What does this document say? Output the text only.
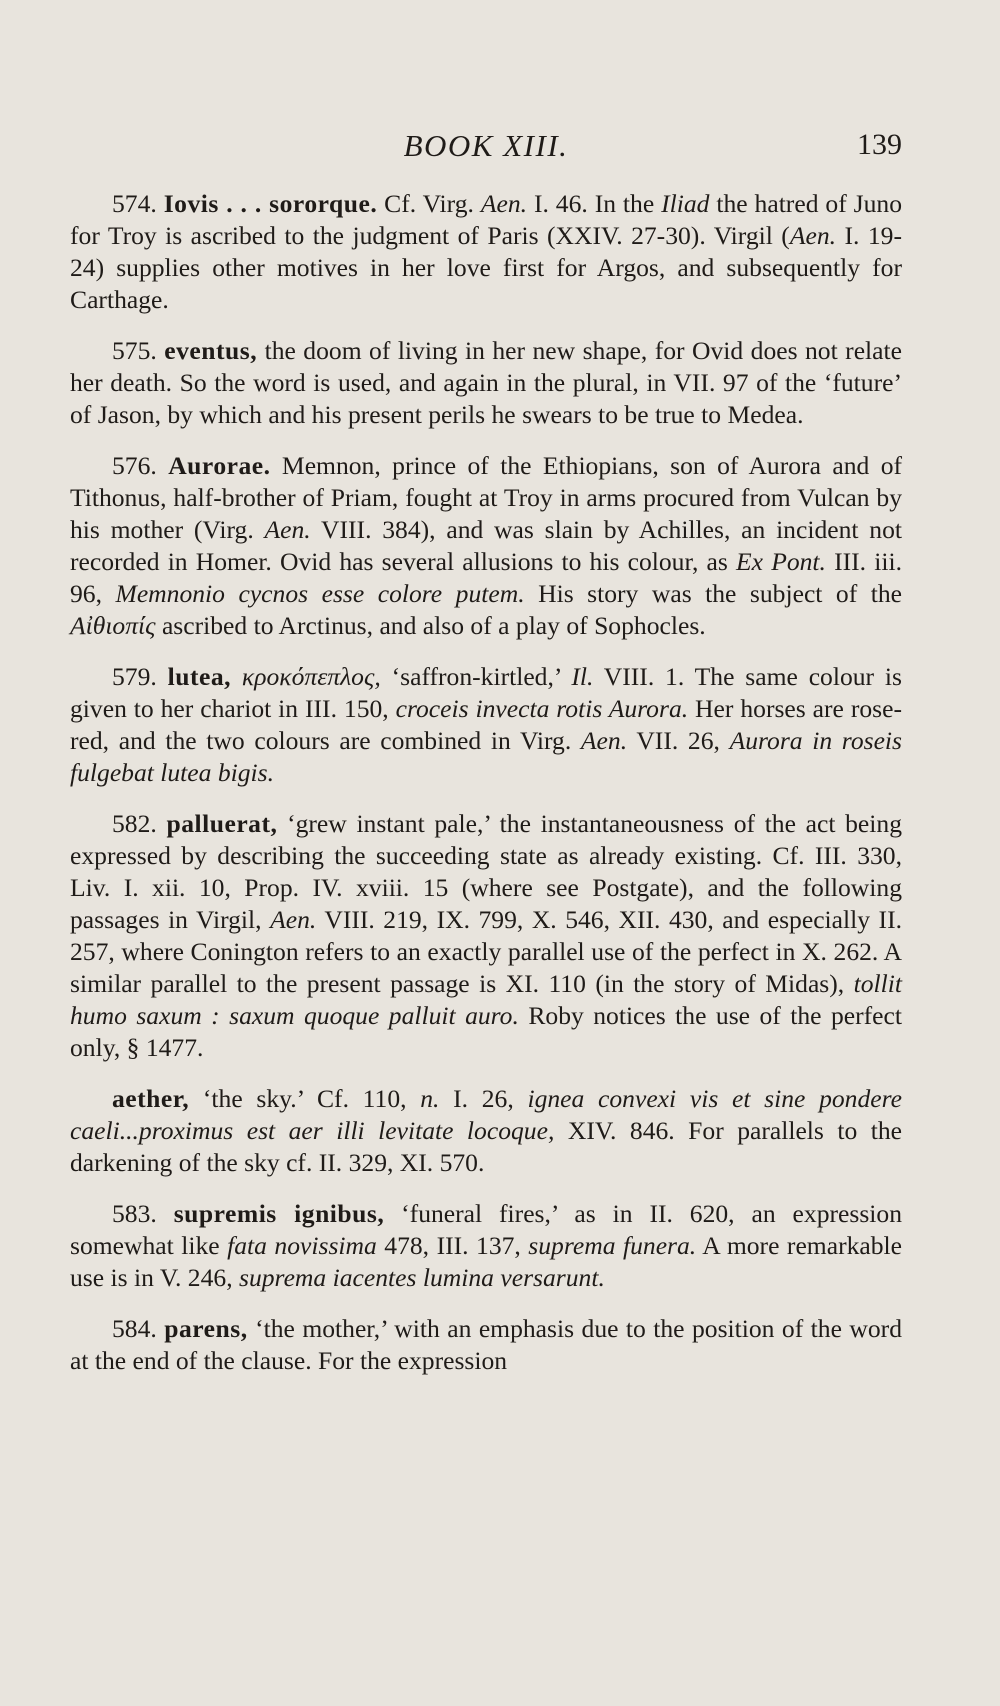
BOOK XIII.	139

574. Iovis . . . sororque. Cf. Virg. Aen. I. 46. In the Iliad the hatred of Juno for Troy is ascribed to the judgment of Paris (XXIV. 27-30). Virgil (Aen. I. 19-24) supplies other motives in her love first for Argos, and subsequently for Carthage.

575. eventus, the doom of living in her new shape, for Ovid does not relate her death. So the word is used, and again in the plural, in VII. 97 of the ‘future’ of Jason, by which and his present perils he swears to be true to Medea.

576. Aurorae. Memnon, prince of the Ethiopians, son of Aurora and of Tithonus, half-brother of Priam, fought at Troy in arms procured from Vulcan by his mother (Virg. Aen. VIII. 384), and was slain by Achilles, an incident not recorded in Homer. Ovid has several allusions to his colour, as Ex Pont. III. iii. 96, Memnonio cycnos esse colore putem. His story was the subject of the Αἰθιοπίς ascribed to Arctinus, and also of a play of Sophocles.

579. lutea, κροκόπεπλος, ‘saffron-kirtled,’ Il. VIII. 1. The same colour is given to her chariot in III. 150, croceis invecta rotis Aurora. Her horses are rose-red, and the two colours are combined in Virg. Aen. VII. 26, Aurora in roseis fulgebat lutea bigis.

582. palluerat, ‘grew instant pale,’ the instantaneousness of the act being expressed by describing the succeeding state as already existing. Cf. III. 330, Liv. I. xii. 10, Prop. IV. xviii. 15 (where see Postgate), and the following passages in Virgil, Aen. VIII. 219, IX. 799, X. 546, XII. 430, and especially II. 257, where Conington refers to an exactly parallel use of the perfect in X. 262. A similar parallel to the present passage is XI. 110 (in the story of Midas), tollit humo saxum : saxum quoque palluit auro. Roby notices the use of the perfect only, § 1477.

aether, ‘the sky.’ Cf. 110, n. I. 26, ignea convexi vis et sine pondere caeli...proximus est aer illi levitate locoque, XIV. 846. For parallels to the darkening of the sky cf. II. 329, XI. 570.

583. supremis ignibus, ‘funeral fires,’ as in II. 620, an expression somewhat like fata novissima 478, III. 137, suprema funera. A more remarkable use is in V. 246, suprema iacentes lumina versarunt.

584. parens, ‘the mother,’ with an emphasis due to the position of the word at the end of the clause. For the expression
